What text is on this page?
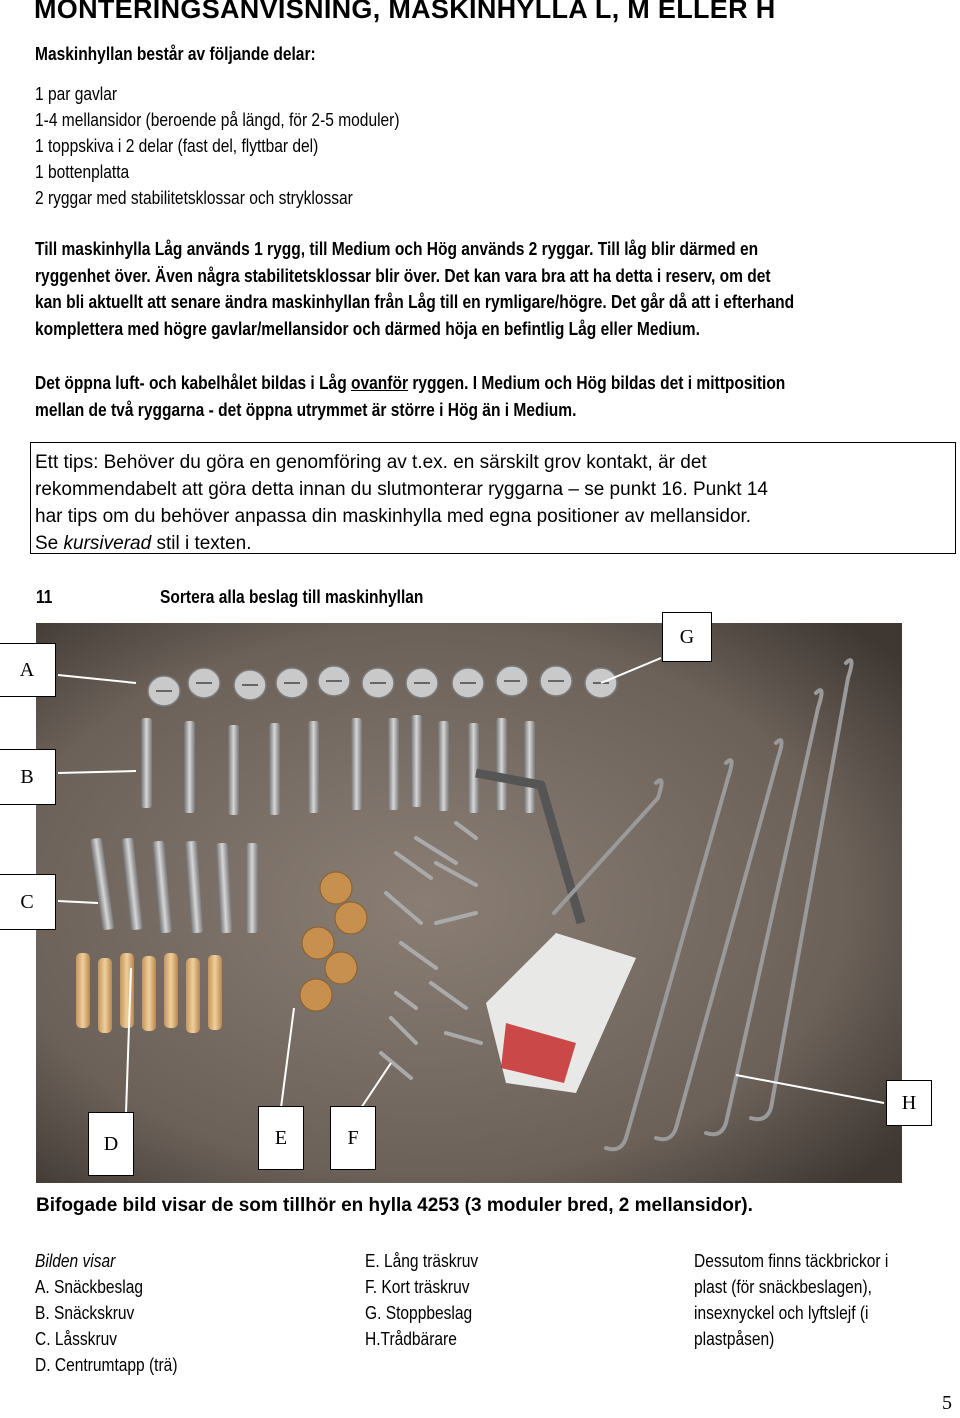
MONTERINGSANVISNING, MASKINHYLLA L, M ELLER H
Maskinhyllan består av följande delar:
1 par gavlar
1-4 mellansidor (beroende på längd, för 2-5 moduler)
1 toppskiva i 2 delar (fast del, flyttbar del)
1 bottenplatta
2 ryggar med stabilitetsklossar och stryklossar
Till maskinhylla Låg används 1 rygg, till Medium och Hög används 2 ryggar. Till låg blir därmed en
ryggenhet över. Även några stabilitetsklossar blir över. Det kan vara bra att ha detta i reserv, om det
kan bli aktuellt att senare ändra maskinhyllan från Låg till en rymligare/högre. Det går då att i efterhand
komplettera med högre gavlar/mellansidor och därmed höja en befintlig Låg eller Medium.
Det öppna luft- och kabelhålet bildas i Låg ovanför ryggen. I Medium och Hög bildas det i mittposition
mellan de två ryggarna - det öppna utrymmet är större i Hög än i Medium.
Ett tips: Behöver du göra en genomföring av t.ex. en särskilt grov kontakt, är det
rekommendabelt att göra detta innan du slutmonterar ryggarna – se punkt 16. Punkt 14
har tips om du behöver anpassa din maskinhylla med egna positioner av mellansidor.
Se kursiverad stil i texten.
11	Sortera alla beslag till maskinhyllan
A
B
C
D	E	F
G
H
Bifogade bild visar de som tillhör en hylla 4253 (3 moduler bred, 2 mellansidor).
Bilden visar
A. Snäckbeslag
B. Snäckskruv
C. Låsskruv
D. Centrumtapp (trä)
E. Lång träskruv
F. Kort träskruv
G. Stoppbeslag
H.Trådbärare
Dessutom finns täckbrickor i
plast (för snäckbeslagen),
insexnyckel och lyftslejf (i
plastpåsen)
5
